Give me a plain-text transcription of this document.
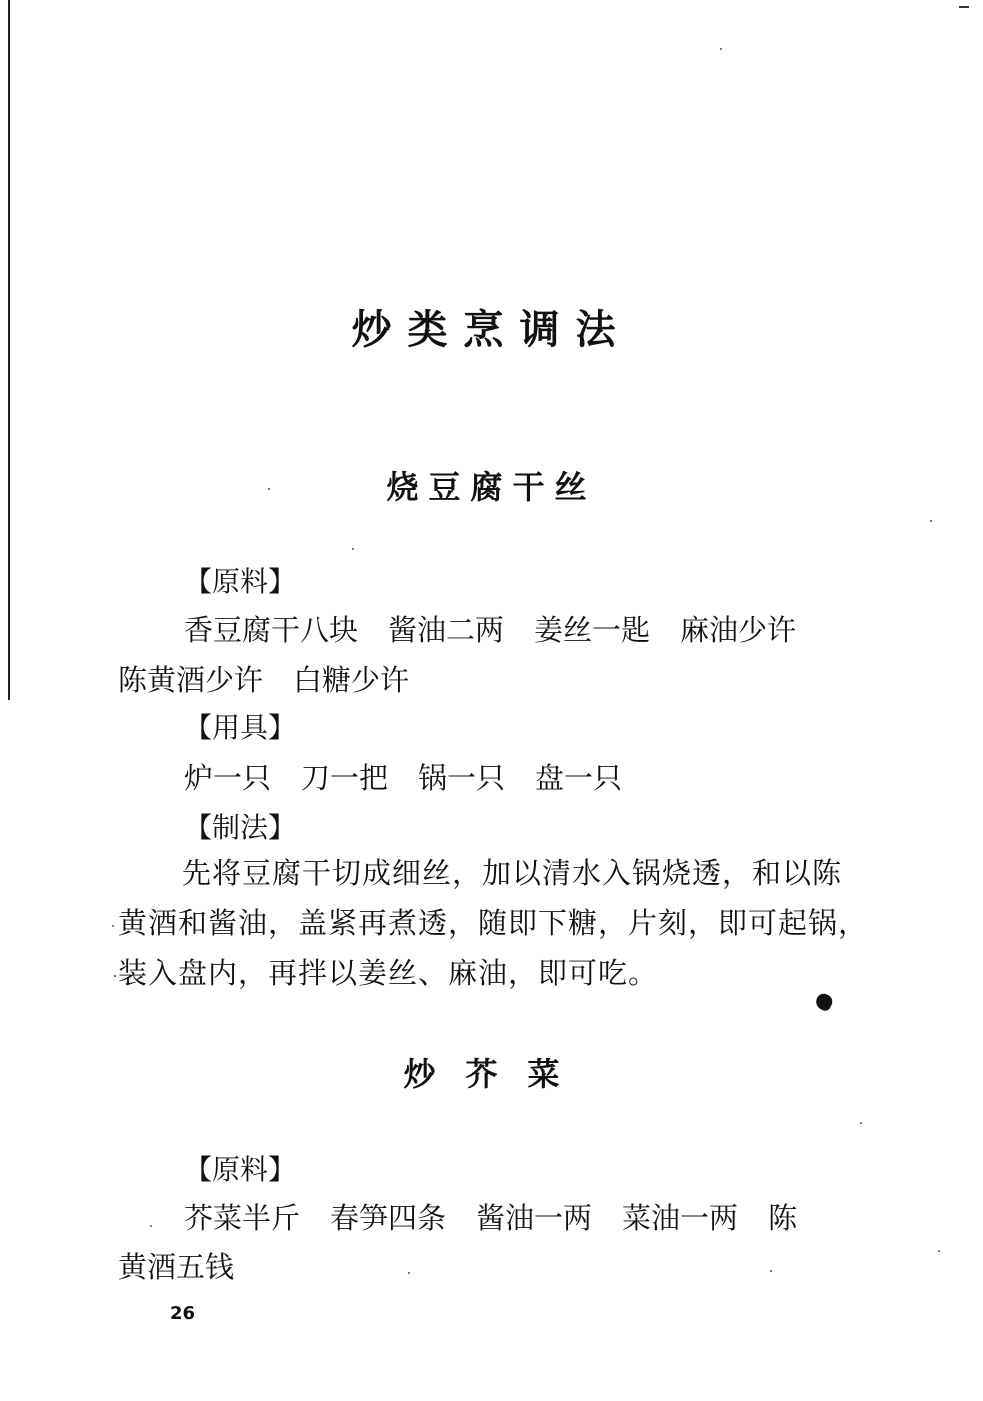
炒类烹调法
烧豆腐干丝
【原料】
香豆腐干八块 酱油二两 姜丝一匙 麻油少许
陈黄酒少许 白糖少许
【用具】
炉一只 刀一把 锅一只 盘一只
【制法】
先将豆腐干切成细丝，加以清水入锅烧透，和以陈黄酒和酱油，盖紧再煮透，随即下糖，片刻，即可起锅，装入盘内，再拌以姜丝、麻油，即可吃。
炒芥菜
【原料】
芥菜半斤 春笋四条 酱油一两 菜油一两 陈
黄酒五钱
26
